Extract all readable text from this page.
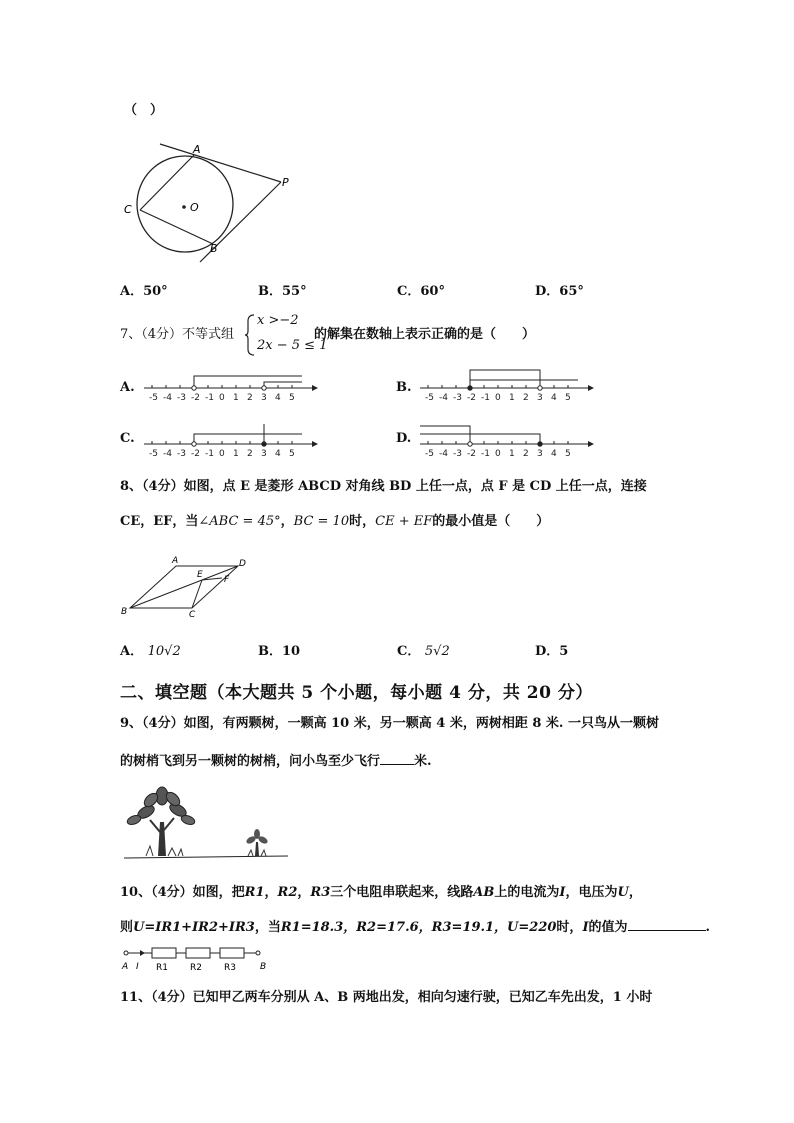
（　）
A
P
C	O
B
A．50°	B．55°	C．60°	D．65°
7、（4分）不等式组
x >−2
2x − 5 ≤ 1
的解集在数轴上表示正确的是（　　）
A.	B.
C.	D.
-5 -4 -3 -2 -1 0 1 2 3 4 5	-5 -4 -3 -2 -1 0 1 2 3 4 5
-5 -4 -3 -2 -1 0 1 2 3 4 5	-5 -4 -3 -2 -1 0 1 2 3 4 5
8、（4分）如图，点 E 是菱形 ABCD 对角线 BD 上任一点，点 F 是 CD 上任一点，连接
CE，EF，当∠ABC = 45°，BC = 10时，CE + EF的最小值是（　　）
A	D
B	C
E F
A． 10√2	B．10	C． 5√2	D．5
二、填空题（本大题共 5 个小题，每小题 4 分，共 20 分）
9、（4分）如图，有两颗树，一颗高 10 米，另一颗高 4 米，两树相距 8 米. 一只鸟从一颗树
的树梢飞到另一颗树的树梢，问小鸟至少飞行	米.
10、（4分）如图，把R1，R2，R3三个电阻串联起来，线路AB上的电流为I，电压为U，
则U=IR1+IR2+IR3，当R1=18.3，R2=17.6，R3=19.1，U=220时，I的值为	.
A I R1 R2 R3	B
11、（4分）已知甲乙两车分别从 A、B 两地出发，相向匀速行驶，已知乙车先出发，1 小时
